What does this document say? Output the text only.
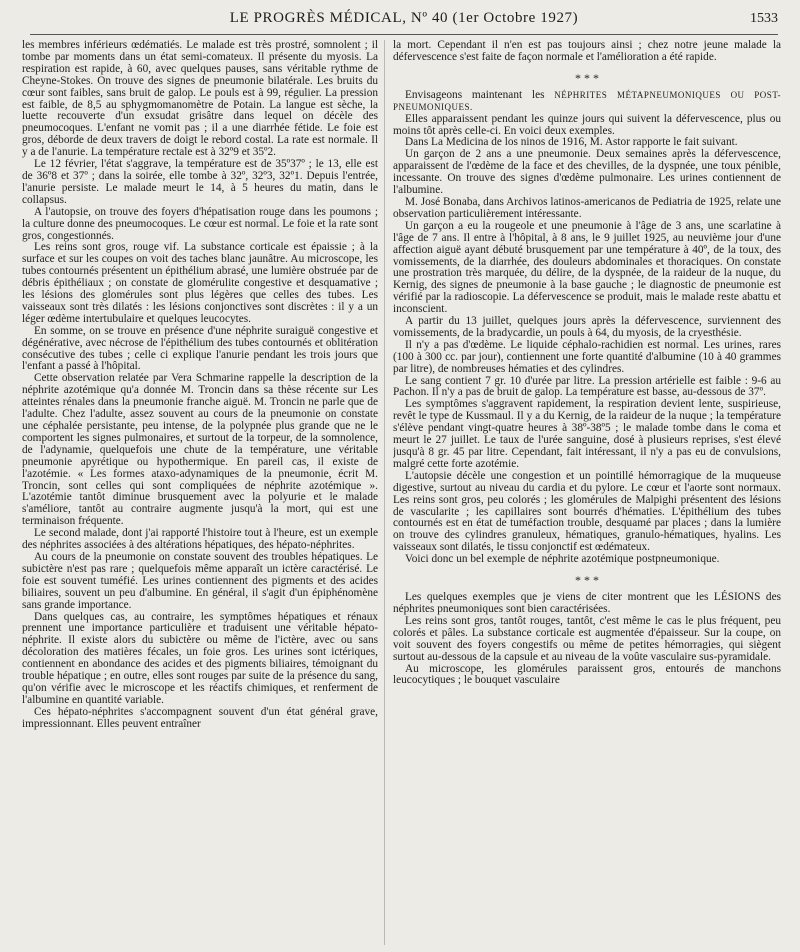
LE PROGRÈS MÉDICAL, Nº 40 (1er Octobre 1927)	1533

les membres inférieurs œdématiés. Le malade est très prostré, somnolent ; il tombe par moments dans un état semi-comateux. Il présente du myosis. La respiration est rapide, à 60, avec quelques pauses, sans véritable rythme de Cheyne-Stokes. On trouve des signes de pneumonie bilatérale. Les bruits du cœur sont faibles, sans bruit de galop. Le pouls est à 99, régulier. La pression est faible, de 8,5 au sphygmomanomètre de Potain. La langue est sèche, la luette recouverte d'un exsudat grisâtre dans lequel on décèle des pneumocoques. L'enfant ne vomit pas ; il a une diarrhée fétide. Le foie est gros, déborde de deux travers de doigt le rebord costal. La rate est normale. Il y a de l'anurie. La température rectale est à 32º9 et 35º2.

Le 12 février, l'état s'aggrave, la température est de 35º37º ; le 13, elle est de 36º8 et 37º ; dans la soirée, elle tombe à 32º, 32º3, 32º1. Depuis l'entrée, l'anurie persiste. Le malade meurt le 14, à 5 heures du matin, dans le collapsus.

A l'autopsie, on trouve des foyers d'hépatisation rouge dans les poumons ; la culture donne des pneumocoques. Le cœur est normal. Le foie et la rate sont gros, congestionnés.

Les reins sont gros, rouge vif. La substance corticale est épaissie ; à la surface et sur les coupes on voit des taches blanc jaunâtre. Au microscope, les tubes contournés présentent un épithélium abrasé, une lumière obstruée par de débris épithéliaux ; on constate de glomérulite congestive et desquamative ; les lésions des glomérules sont plus légères que celles des tubes. Les vaisseaux sont très dilatés : les lésions conjonctives sont discrètes : il y a un léger œdème intertubulaire et quelques leucocytes.

En somme, on se trouve en présence d'une néphrite suraiguë congestive et dégénérative, avec nécrose de l'épithélium des tubes contournés et oblitération consécutive des tubes ; celle ci explique l'anurie pendant les trois jours que l'enfant a passé à l'hôpital.

Cette observation relatée par Vera Schmarine rappelle la description de la néphrite azotémique qu'a donnée M. Troncin dans sa thèse récente sur Les atteintes rénales dans la pneumonie franche aiguë. M. Troncin ne parle que de l'adulte. Chez l'adulte, assez souvent au cours de la pneumonie on constate une céphalée persistante, peu intense, de la polypnée plus grande que ne le comportent les signes pulmonaires, et surtout de la torpeur, de la somnolence, de l'adynamie, quelquefois une chute de la température, une véritable pneumonie apyrétique ou hypothermique. En pareil cas, il existe de l'azotémie. « Les formes ataxo-adynamiques de la pneumonie, écrit M. Troncin, sont celles qui sont compliquées de néphrite azotémique ». L'azotémie tantôt diminue brusquement avec la polyurie et le malade s'améliore, tantôt au contraire augmente jusqu'à la mort, qui est une terminaison fréquente.

Le second malade, dont j'ai rapporté l'histoire tout à l'heure, est un exemple des néphrites associées à des altérations hépatiques, des hépato-néphrites.

Au cours de la pneumonie on constate souvent des troubles hépatiques. Le subictère n'est pas rare ; quelquefois même apparaît un ictère caractérisé. Le foie est souvent tuméfié. Les urines contiennent des pigments et des acides biliaires, souvent un peu d'albumine. En général, il s'agit d'un épiphénomène sans grande importance.

Dans quelques cas, au contraire, les symptômes hépatiques et rénaux prennent une importance particulière et traduisent une véritable hépato-néphrite. Il existe alors du subictère ou même de l'ictère, avec ou sans décoloration des matières fécales, un foie gros. Les urines sont ictériques, contiennent en abondance des acides et des pigments biliaires, témoignant du trouble hépatique ; en outre, elles sont rouges par suite de la présence du sang, qu'on vérifie avec le microscope et les réactifs chimiques, et renferment de l'albumine en quantité variable.

Ces hépato-néphrites s'accompagnent souvent d'un état général grave, impressionnant. Elles peuvent entraîner

la mort. Cependant il n'en est pas toujours ainsi ; chez notre jeune malade la défervescence s'est faite de façon normale et l'amélioration a été rapide.

* * *

Envisageons maintenant les NÉPHRITES MÉTAPNEUMONIQUES OU POST-PNEUMONIQUES.

Elles apparaissent pendant les quinze jours qui suivent la défervescence, plus ou moins tôt après celle-ci. En voici deux exemples.

Dans La Medicina de los ninos de 1916, M. Astor rapporte le fait suivant.

Un garçon de 2 ans a une pneumonie. Deux semaines après la défervescence, apparaissent de l'œdème de la face et des chevilles, de la dyspnée, une toux pénible, incessante. On trouve des signes d'œdème pulmonaire. Les urines contiennent de l'albumine.

M. José Bonaba, dans Archivos latinos-americanos de Pediatria de 1925, relate une observation particulièrement intéressante.

Un garçon a eu la rougeole et une pneumonie à l'âge de 3 ans, une scarlatine à l'âge de 7 ans. Il entre à l'hôpital, à 8 ans, le 9 juillet 1925, au neuvième jour d'une affection aiguë ayant débuté brusquement par une température à 40º, de la toux, des vomissements, de la diarrhée, des douleurs abdominales et thoraciques. On constate une prostration très marquée, du délire, de la dyspnée, de la raideur de la nuque, du Kernig, des signes de pneumonie à la base gauche ; le diagnostic de pneumonie est vérifié par la radioscopie. La défervescence se produit, mais le malade reste abattu et inconscient.

A partir du 13 juillet, quelques jours après la défervescence, surviennent des vomissements, de la bradycardie, un pouls à 64, du myosis, de la cryesthésie.

Il n'y a pas d'œdème. Le liquide céphalo-rachidien est normal. Les urines, rares (100 à 300 cc. par jour), contiennent une forte quantité d'albumine (10 à 40 grammes par litre), de nombreuses hématies et des cylindres.

Le sang contient 7 gr. 10 d'urée par litre. La pression artérielle est faible : 9-6 au Pachon. Il n'y a pas de bruit de galop. La température est basse, au-dessous de 37º.

Les symptômes s'aggravent rapidement, la respiration devient lente, suspirieuse, revêt le type de Kussmaul. Il y a du Kernig, de la raideur de la nuque ; la température s'élève pendant vingt-quatre heures à 38º-38º5 ; le malade tombe dans le coma et meurt le 27 juillet. Le taux de l'urée sanguine, dosé à plusieurs reprises, s'est élevé jusqu'à 8 gr. 45 par litre. Cependant, fait intéressant, il n'y a pas eu de convulsions, malgré cette forte azotémie.

L'autopsie décèle une congestion et un pointillé hémorragique de la muqueuse digestive, surtout au niveau du cardia et du pylore. Le cœur et l'aorte sont normaux. Les reins sont gros, peu colorés ; les glomérules de Malpighi présentent des lésions de vascularite ; les capillaires sont bourrés d'hématies. L'épithélium des tubes contournés est en état de tuméfaction trouble, desquamé par places ; dans la lumière on trouve des cylindres granuleux, hématiques, granulo-hématiques, hyalins. Les vaisseaux sont dilatés, le tissu conjonctif est œdémateux.

Voici donc un bel exemple de néphrite azotémique postpneumonique.

* * *

Les quelques exemples que je viens de citer montrent que les LÉSIONS des néphrites pneumoniques sont bien caractérisées.

Les reins sont gros, tantôt rouges, tantôt, c'est même le cas le plus fréquent, peu colorés et pâles. La substance corticale est augmentée d'épaisseur. Sur la coupe, on voit souvent des foyers congestifs ou même de petites hémorragies, qui siègent surtout au-dessous de la capsule et au niveau de la voûte vasculaire sus-pyramidale.

Au microscope, les glomérules paraissent gros, entourés de manchons leucocytiques ; le bouquet vasculaire
